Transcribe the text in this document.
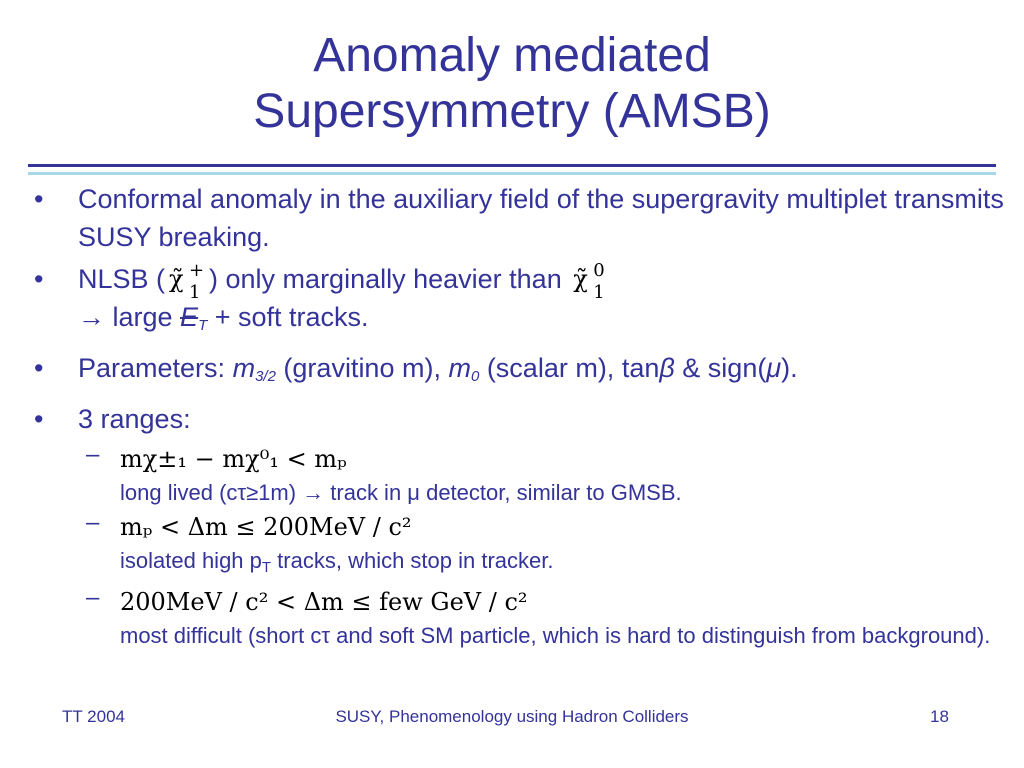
Anomaly mediated
Supersymmetry (AMSB)
• Conformal anomaly in the auxiliary field of the supergravity multiplet transmits SUSY breaking.
• NLSB ( χ̃ +
1 ) only marginally heavier than χ̃ 0
1

→ large $E_T$ + soft tracks.
• Parameters: $m_{3/2}$ (gravitino m), $m_0$ (scalar m), tanβ & sign(μ).
• 3 ranges:
– mχ±₁ − mχ⁰₁ < mₚ
long lived (cτ≥1m) → track in μ detector, similar to GMSB.
– mₚ < Δm ≤ 200MeV / c²
isolated high $p_T$ tracks, which stop in tracker.
– 200MeV / c² < Δm ≤ few GeV / c²
most difficult (short cτ and soft SM particle, which is hard to distinguish from background).
TT 2004	SUSY, Phenomenology using Hadron Colliders	18
